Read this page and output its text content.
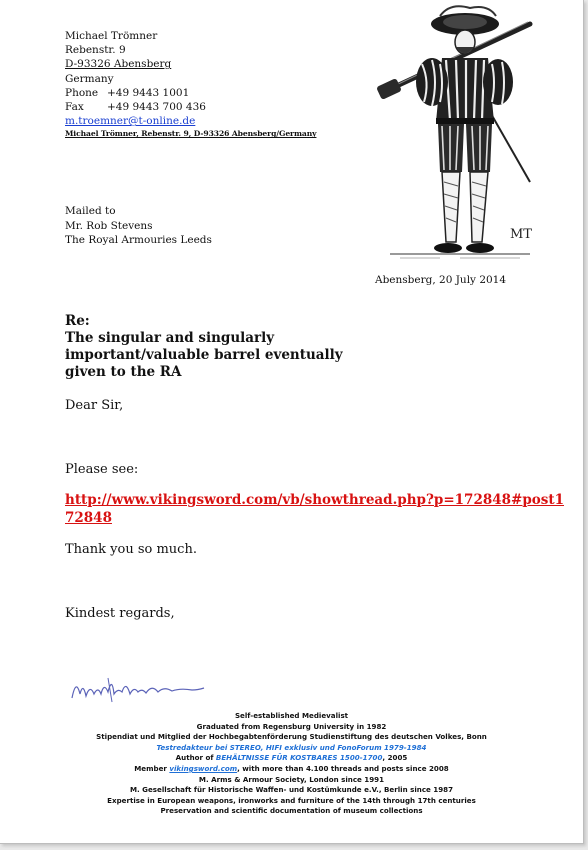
Michael Trömner
Rebenstr. 9
D-93326 Abensberg
Germany
Phone +49 9443 1001
Fax +49 9443 700 436
m.troemner@t-online.de
Michael Trömner, Rebenstr. 9, D-93326 Abensberg/Germany
MT
Abensberg, 20 July 2014
Mailed to
Mr. Rob Stevens
The Royal Armouries Leeds
Re:
The singular and singularly important/valuable barrel eventually given to the RA
Dear Sir,
Please see:
http://www.vikingsword.com/vb/showthread.php?p=172848#post1
72848
Thank you so much.
Kindest regards,
Self-established Medievalist
Graduated from Regensburg University in 1982
Stipendiat und Mitglied der Hochbegabtenförderung Studienstiftung des deutschen Volkes, Bonn
Testredakteur bei STEREO, HIFI exklusiv und FonoForum 1979-1984
Author of BEHÄLTNISSE FÜR KOSTBARES 1500-1700, 2005
Member vikingsword.com, with more than 4.100 threads and posts since 2008
M. Arms & Armour Society, London since 1991
M. Gesellschaft für Historische Waffen- und Kostümkunde e.V., Berlin since 1987
Expertise in European weapons, ironworks and furniture of the 14th through 17th centuries
Preservation and scientific documentation of museum collections
